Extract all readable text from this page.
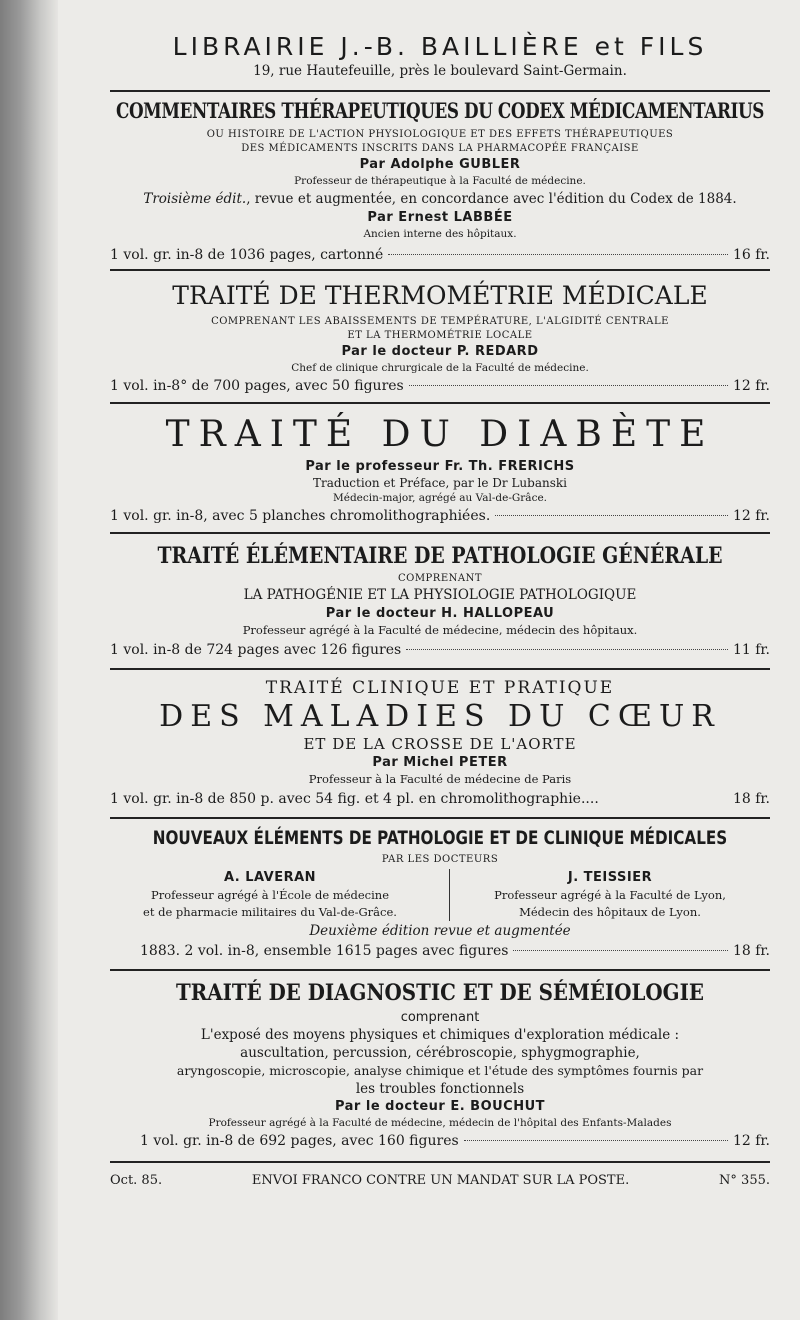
LIBRAIRIE J.-B. BAILLIÈRE et FILS
19, rue Hautefeuille, près le boulevard Saint-Germain.
COMMENTAIRES THÉRAPEUTIQUES DU CODEX MÉDICAMENTARIUS
OU HISTOIRE DE L'ACTION PHYSIOLOGIQUE ET DES EFFETS THÉRAPEUTIQUES
DES MÉDICAMENTS INSCRITS DANS LA PHARMACOPÉE FRANÇAISE
Par Adolphe GUBLER
Professeur de thérapeutique à la Faculté de médecine.
Troisième édit., revue et augmentée, en concordance avec l'édition du Codex de 1884.
Par Ernest LABBÉE
Ancien interne des hôpitaux.
1 vol. gr. in-8 de 1036 pages, cartonné	16 fr.
TRAITÉ DE THERMOMÉTRIE MÉDICALE
COMPRENANT LES ABAISSEMENTS DE TEMPÉRATURE, L'ALGIDITÉ CENTRALE
ET LA THERMOMÉTRIE LOCALE
Par le docteur P. REDARD
Chef de clinique chrurgicale de la Faculté de médecine.
1 vol. in-8° de 700 pages, avec 50 figures	12 fr.
TRAITÉ DU DIABÈTE
Par le professeur Fr. Th. FRERICHS
Traduction et Préface, par le Dr Lubanski
Médecin-major, agrégé au Val-de-Grâce.
1 vol. gr. in-8, avec 5 planches chromolithographiées.	12 fr.
TRAITÉ ÉLÉMENTAIRE DE PATHOLOGIE GÉNÉRALE
COMPRENANT
LA PATHOGÉNIE ET LA PHYSIOLOGIE PATHOLOGIQUE
Par le docteur H. HALLOPEAU
Professeur agrégé à la Faculté de médecine, médecin des hôpitaux.
1 vol. in-8 de 724 pages avec 126 figures	11 fr.
TRAITÉ CLINIQUE ET PRATIQUE
DES MALADIES DU CŒUR
ET DE LA CROSSE DE L'AORTE
Par Michel PETER
Professeur à la Faculté de médecine de Paris
1 vol. gr. in-8 de 850 p. avec 54 fig. et 4 pl. en chromolithographie....	18 fr.
NOUVEAUX ÉLÉMENTS DE PATHOLOGIE ET DE CLINIQUE MÉDICALES
PAR LES DOCTEURS
A. LAVERAN
Professeur agrégé à l'École de médecine
et de pharmacie militaires du Val-de-Grâce.
J. TEISSIER
Professeur agrégé à la Faculté de Lyon,
Médecin des hôpitaux de Lyon.
Deuxième édition revue et augmentée
1883. 2 vol. in-8, ensemble 1615 pages avec figures	18 fr.
TRAITÉ DE DIAGNOSTIC ET DE SÉMÉIOLOGIE
comprenant
L'exposé des moyens physiques et chimiques d'exploration médicale :
auscultation, percussion, cérébroscopie, sphygmographie,
aryngoscopie, microscopie, analyse chimique et l'étude des symptômes fournis par
les troubles fonctionnels
Par le docteur E. BOUCHUT
Professeur agrégé à la Faculté de médecine, médecin de l'hôpital des Enfants-Malades
1 vol. gr. in-8 de 692 pages, avec 160 figures	12 fr.
Oct. 85.	ENVOI FRANCO CONTRE UN MANDAT SUR LA POSTE.	N° 355.
